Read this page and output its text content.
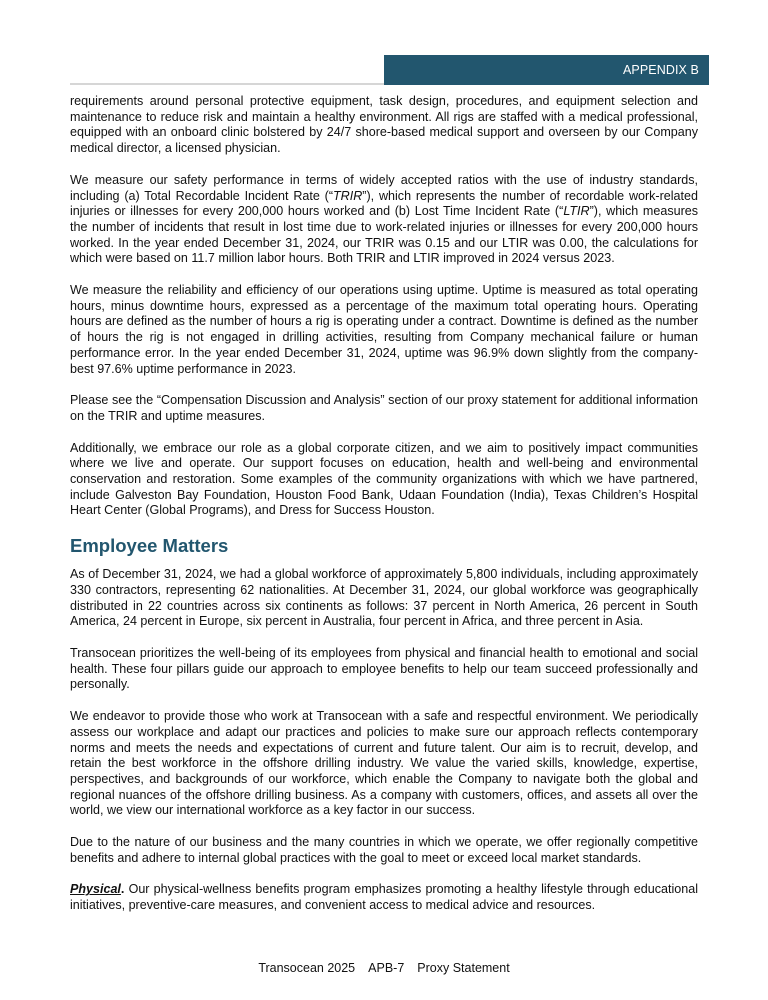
APPENDIX B

requirements around personal protective equipment, task design, procedures, and equipment selection and maintenance to reduce risk and maintain a healthy environment. All rigs are staffed with a medical professional, equipped with an onboard clinic bolstered by 24/7 shore-based medical support and overseen by our Company medical director, a licensed physician.

We measure our safety performance in terms of widely accepted ratios with the use of industry standards, including (a) Total Recordable Incident Rate (“TRIR”), which represents the number of recordable work-related injuries or illnesses for every 200,000 hours worked and (b) Lost Time Incident Rate (“LTIR”), which measures the number of incidents that result in lost time due to work-related injuries or illnesses for every 200,000 hours worked. In the year ended December 31, 2024, our TRIR was 0.15 and our LTIR was 0.00, the calculations for which were based on 11.7 million labor hours. Both TRIR and LTIR improved in 2024 versus 2023.

We measure the reliability and efficiency of our operations using uptime. Uptime is measured as total operating hours, minus downtime hours, expressed as a percentage of the maximum total operating hours. Operating hours are defined as the number of hours a rig is operating under a contract. Downtime is defined as the number of hours the rig is not engaged in drilling activities, resulting from Company mechanical failure or human performance error. In the year ended December 31, 2024, uptime was 96.9% down slightly from the company-best 97.6% uptime performance in 2023.

Please see the “Compensation Discussion and Analysis” section of our proxy statement for additional information on the TRIR and uptime measures.

Additionally, we embrace our role as a global corporate citizen, and we aim to positively impact communities where we live and operate. Our support focuses on education, health and well-being and environmental conservation and restoration. Some examples of the community organizations with which we have partnered, include Galveston Bay Foundation, Houston Food Bank, Udaan Foundation (India), Texas Children’s Hospital Heart Center (Global Programs), and Dress for Success Houston.

Employee Matters

As of December 31, 2024, we had a global workforce of approximately 5,800 individuals, including approximately 330 contractors, representing 62 nationalities. At December 31, 2024, our global workforce was geographically distributed in 22 countries across six continents as follows: 37 percent in North America, 26 percent in South America, 24 percent in Europe, six percent in Australia, four percent in Africa, and three percent in Asia.

Transocean prioritizes the well-being of its employees from physical and financial health to emotional and social health. These four pillars guide our approach to employee benefits to help our team succeed professionally and personally.

We endeavor to provide those who work at Transocean with a safe and respectful environment. We periodically assess our workplace and adapt our practices and policies to make sure our approach reflects contemporary norms and meets the needs and expectations of current and future talent. Our aim is to recruit, develop, and retain the best workforce in the offshore drilling industry. We value the varied skills, knowledge, expertise, perspectives, and backgrounds of our workforce, which enable the Company to navigate both the global and regional nuances of the offshore drilling business. As a company with customers, offices, and assets all over the world, we view our international workforce as a key factor in our success.

Due to the nature of our business and the many countries in which we operate, we offer regionally competitive benefits and adhere to internal global practices with the goal to meet or exceed local market standards.

Physical. Our physical-wellness benefits program emphasizes promoting a healthy lifestyle through educational initiatives, preventive-care measures, and convenient access to medical advice and resources.

Transocean 2025 APB-7 Proxy Statement
